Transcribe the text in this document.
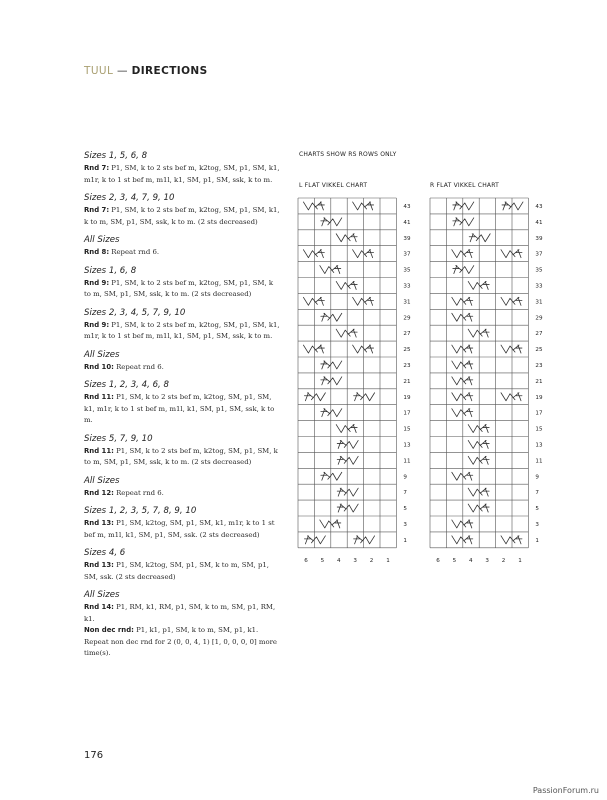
TUUL — DIRECTIONS
Sizes 1, 5, 6, 8
Rnd 7: P1, SM, k to 2 sts bef m, k2tog, SM, p1, SM, k1, m1r, k to 1 st bef m, m1l, k1, SM, p1, SM, ssk, k to m.
Sizes 2, 3, 4, 7, 9, 10
Rnd 7: P1, SM, k to 2 sts bef m, k2tog, SM, p1, SM, k1, k to m, SM, p1, SM, ssk, k to m. (2 sts decreased)
All Sizes
Rnd 8: Repeat rnd 6.
Sizes 1, 6, 8
Rnd 9: P1, SM, k to 2 sts bef m, k2tog, SM, p1, SM, k to m, SM, p1, SM, ssk, k to m. (2 sts decreased)
Sizes 2, 3, 4, 5, 7, 9, 10
Rnd 9: P1, SM, k to 2 sts bef m, k2tog, SM, p1, SM, k1, m1r, k to 1 st bef m, m1l, k1, SM, p1, SM, ssk, k to m.
All Sizes
Rnd 10: Repeat rnd 6.
Sizes 1, 2, 3, 4, 6, 8
Rnd 11: P1, SM, k to 2 sts bef m, k2tog, SM, p1, SM, k1, m1r, k to 1 st bef m, m1l, k1, SM, p1, SM, ssk, k to m.
Sizes 5, 7, 9, 10
Rnd 11: P1, SM, k to 2 sts bef m, k2tog, SM, p1, SM, k to m, SM, p1, SM, ssk, k to m. (2 sts decreased)
All Sizes
Rnd 12: Repeat rnd 6.
Sizes 1, 2, 3, 5, 7, 8, 9, 10
Rnd 13: P1, SM, k2tog, SM, p1, SM, k1, m1r, k to 1 st bef m, m1l, k1, SM, p1, SM, ssk. (2 sts decreased)
Sizes 4, 6
Rnd 13: P1, SM, k2tog, SM, p1, SM, k to m, SM, p1, SM, ssk. (2 sts decreased)
All Sizes
Rnd 14: P1, RM, k1, RM, p1, SM, k to m, SM, p1, RM, k1.
Non dec rnd: P1, k1, p1, SM, k to m, SM, p1, k1.
Repeat non dec rnd for 2 (0, 0, 4, 1) [1, 0, 0, 0, 0] more time(s).
176
PassionForum.ru
CHARTS SHOW RS ROWS ONLY
L FLAT VIKKEL CHART	R FLAT VIKKEL CHART
43
41
39
37
35
33
31
29
27
25
23
21
19
17
15
13
11
9
7
5
3
1
6 5 4 3 2 1
43
41
39
37
35
33
31
29
27
25
23
21
19
17
15
13
11
9
7
5
3
1
6 5 4 3 2 1
